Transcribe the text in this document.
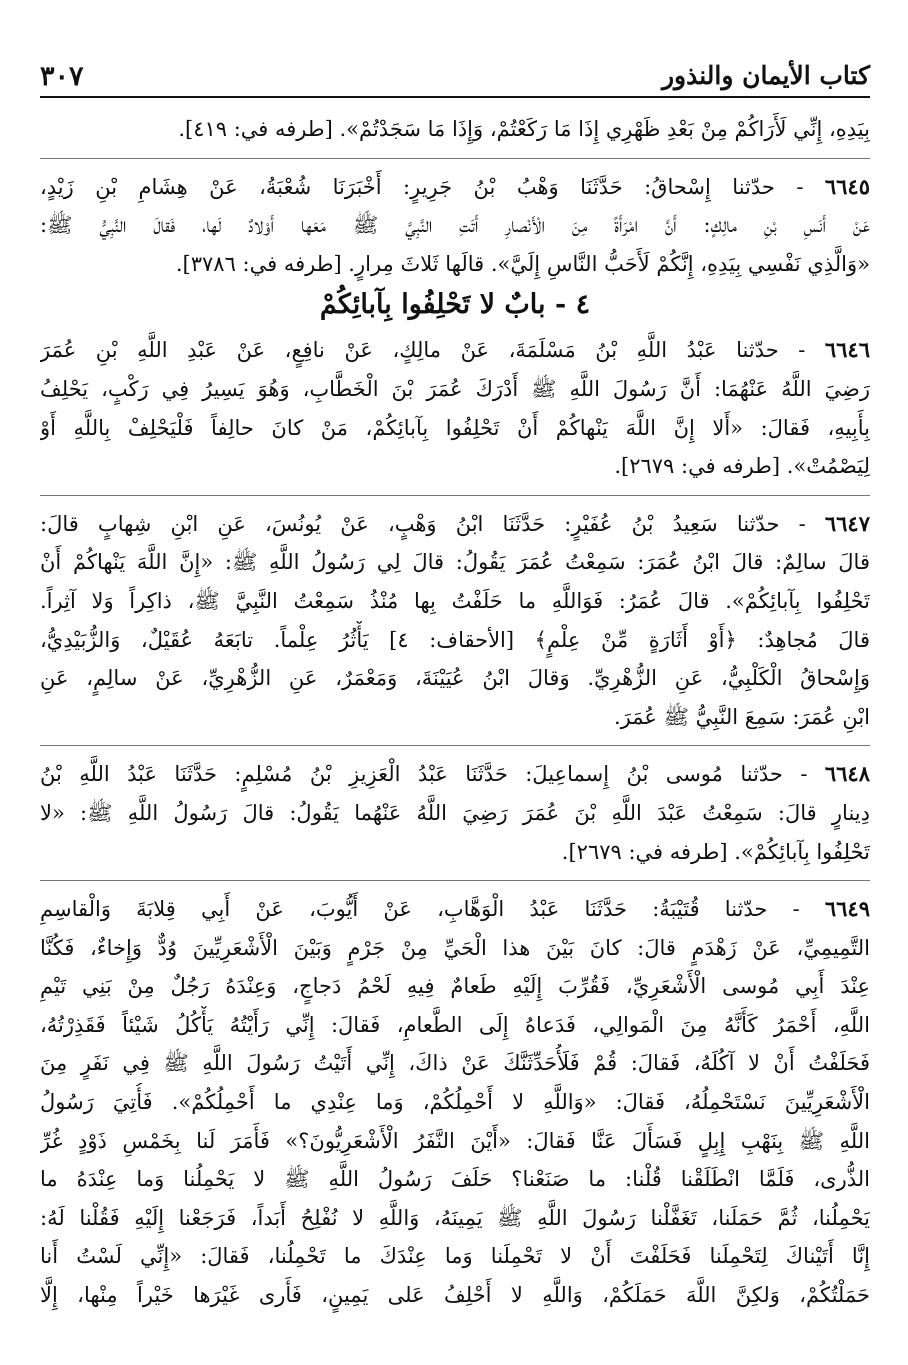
كتاب الأيمان والنذور
٣٠٧

بِيَدِهِ، إِنِّي لَأَرَاكُمْ مِنْ بَعْدِ ظَهْرِي إِذَا مَا رَكَعْتُمْ، وَإِذَا مَا سَجَدْتُمْ». [طرفه في: ٤١٩].

٦٦٤٥ - حدّثنا إِسْحاقُ: حَدَّثَنَا وَهْبُ بْنُ جَرِيرٍ: أَخْبَرَنَا شُعْبَةُ، عَنْ هِشَامِ بْنِ زَيْدٍ،

عَنْ أَنَسِ بْنِ مالِكٍ: أَنَّ امْرَأَةً مِنَ الْأَنْصارِ أَتَتِ النَّبِيَّ ﷺ مَعَها أَوْلادٌ لَها، فَقالَ النَّبِيُّ ﷺ:

«وَالَّذِي نَفْسِي بِيَدِهِ، إِنَّكُمْ لَأَحَبُّ النَّاسِ إِلَيَّ». قالَها ثَلاثَ مِرارٍ. [طرفه في: ٣٧٨٦].

٤ - بابٌ لا تَحْلِفُوا بِآبائِكُمْ

٦٦٤٦ - حدّثنا عَبْدُ اللَّهِ بْنُ مَسْلَمَةَ، عَنْ مالِكٍ، عَنْ نافِعٍ، عَنْ عَبْدِ اللَّهِ بْنِ عُمَرَ

رَضِيَ اللَّهُ عَنْهُمَا: أَنَّ رَسُولَ اللَّهِ ﷺ أَدْرَكَ عُمَرَ بْنَ الْخَطَّابِ، وَهُوَ يَسِيرُ فِي رَكْبٍ، يَحْلِفُ

بِأَبِيهِ، فَقالَ: «أَلا إِنَّ اللَّهَ يَنْهاكُمْ أَنْ تَحْلِفُوا بِآبائِكُمْ، مَنْ كانَ حالِفاً فَلْيَحْلِفْ بِاللَّهِ أَوْ

لِيَصْمُتْ». [طرفه في: ٢٦٧٩].

٦٦٤٧ - حدّثنا سَعِيدُ بْنُ عُفَيْرٍ: حَدَّثَنَا ابْنُ وَهْبٍ، عَنْ يُونُسَ، عَنِ ابْنِ شِهابٍ قالَ:

قالَ سالِمٌ: قالَ ابْنُ عُمَرَ: سَمِعْتُ عُمَرَ يَقُولُ: قالَ لِي رَسُولُ اللَّهِ ﷺ: «إِنَّ اللَّهَ يَنْهاكُمْ أَنْ

تَحْلِفُوا بِآبائِكُمْ». قالَ عُمَرُ: فَوَاللَّهِ ما حَلَفْتُ بِها مُنْذُ سَمِعْتُ النَّبِيَّ ﷺ، ذاكِراً وَلا آثِراً.

قالَ مُجاهِدٌ: ﴿أَوْ أَثَارَةٍ مِّنْ عِلْمٍ﴾ [الأحقاف: ٤] يَأْثُرُ عِلْماً. تابَعَهُ عُقَيْلٌ، وَالزُّبَيْدِيُّ،

وَإِسْحاقُ الْكَلْبِيُّ، عَنِ الزُّهْرِيِّ. وَقالَ ابْنُ عُيَيْنَةَ، وَمَعْمَرٌ، عَنِ الزُّهْرِيِّ، عَنْ سالِمٍ، عَنِ

ابْنِ عُمَرَ: سَمِعَ النَّبِيُّ ﷺ عُمَرَ.

٦٦٤٨ - حدّثنا مُوسى بْنُ إِسماعِيلَ: حَدَّثَنَا عَبْدُ الْعَزِيزِ بْنُ مُسْلِمٍ: حَدَّثَنَا عَبْدُ اللَّهِ بْنُ

دِينارٍ قالَ: سَمِعْتُ عَبْدَ اللَّهِ بْنَ عُمَرَ رَضِيَ اللَّهُ عَنْهُما يَقُولُ: قالَ رَسُولُ اللَّهِ ﷺ: «لا

تَحْلِفُوا بِآبائِكُمْ». [طرفه في: ٢٦٧٩].

٦٦٤٩ - حدّثنا قُتَيْبَةُ: حَدَّثَنَا عَبْدُ الْوَهَّابِ، عَنْ أَيُّوبَ، عَنْ أَبِي قِلابَةَ وَالْقاسِمِ

التَّمِيمِيِّ، عَنْ زَهْدَمٍ قالَ: كانَ بَيْنَ هذا الْحَيِّ مِنْ جَرْمٍ وَبَيْنَ الْأَشْعَرِيِّينَ وُدٌّ وَإِخاءٌ، فَكُنَّا

عِنْدَ أَبِي مُوسى الْأَشْعَرِيِّ، فَقُرِّبَ إِلَيْهِ طَعامٌ فِيهِ لَحْمُ دَجاجٍ، وَعِنْدَهُ رَجُلٌ مِنْ بَنِي تَيْمِ

اللَّهِ، أَحْمَرُ كَأَنَّهُ مِنَ الْمَوالِي، فَدَعاهُ إِلَى الطَّعامِ، فَقالَ: إِنِّي رَأَيْتُهُ يَأْكُلُ شَيْئاً فَقَذِرْتُهُ،

فَحَلَفْتُ أَنْ لا آكُلَهُ، فَقالَ: قُمْ فَلَأُحَدِّثَنَّكَ عَنْ ذاكَ، إِنِّي أَتَيْتُ رَسُولَ اللَّهِ ﷺ فِي نَفَرٍ مِنَ

الْأَشْعَرِيِّينَ نَسْتَحْمِلُهُ، فَقالَ: «وَاللَّهِ لا أَحْمِلُكُمْ، وَما عِنْدِي ما أَحْمِلُكُمْ». فَأُتِيَ رَسُولُ

اللَّهِ ﷺ بِنَهْبِ إِبِلٍ فَسَأَلَ عَنَّا فَقالَ: «أَيْنَ النَّفَرُ الْأَشْعَرِيُّونَ؟» فَأَمَرَ لَنا بِخَمْسِ ذَوْدٍ غُرِّ

الذُّرى، فَلَمَّا انْطَلَقْنا قُلْنا: ما صَنَعْنا؟ حَلَفَ رَسُولُ اللَّهِ ﷺ لا يَحْمِلُنا وَما عِنْدَهُ ما

يَحْمِلُنا، ثُمَّ حَمَلَنا، تَغَفَّلْنا رَسُولَ اللَّهِ ﷺ يَمِينَهُ، وَاللَّهِ لا نُفْلِحُ أَبَداً، فَرَجَعْنا إِلَيْهِ فَقُلْنا لَهُ:

إِنَّا أَتَيْناكَ لِتَحْمِلَنا فَحَلَفْتَ أَنْ لا تَحْمِلَنا وَما عِنْدَكَ ما تَحْمِلُنا، فَقالَ: «إِنِّي لَسْتُ أَنا

حَمَلْتُكُمْ، وَلكِنَّ اللَّهَ حَمَلَكُمْ، وَاللَّهِ لا أَحْلِفُ عَلى يَمِينٍ، فَأَرى غَيْرَها خَيْراً مِنْها، إِلَّا
